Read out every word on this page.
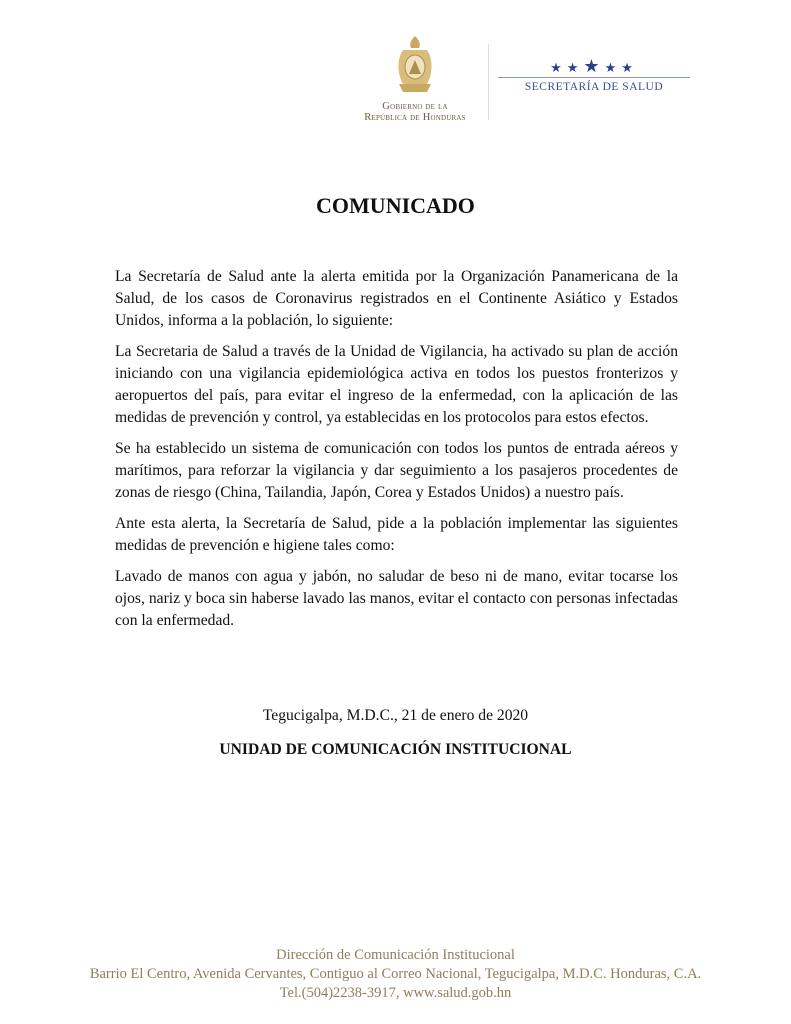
Gobierno de la
República de Honduras
★★★★★
SECRETARÍA DE SALUD
COMUNICADO

La Secretaría de Salud ante la alerta emitida por la Organización Panamericana de la Salud, de los casos de Coronavirus registrados en el Continente Asiático y Estados Unidos, informa a la población, lo siguiente:

La Secretaria de Salud a través de la Unidad de Vigilancia, ha activado su plan de acción iniciando con una vigilancia epidemiológica activa en todos los puestos fronterizos y aeropuertos del país, para evitar el ingreso de la enfermedad, con la aplicación de las medidas de prevención y control, ya establecidas en los protocolos para estos efectos.

Se ha establecido un sistema de comunicación con todos los puntos de entrada aéreos y marítimos, para reforzar la vigilancia y dar seguimiento a los pasajeros procedentes de zonas de riesgo (China, Tailandia, Japón, Corea y Estados Unidos) a nuestro país.

Ante esta alerta, la Secretaría de Salud, pide a la población implementar las siguientes medidas de prevención e higiene tales como:

Lavado de manos con agua y jabón, no saludar de beso ni de mano, evitar tocarse los ojos, nariz y boca sin haberse lavado las manos, evitar el contacto con personas infectadas con la enfermedad.

Tegucigalpa, M.D.C., 21 de enero de 2020
UNIDAD DE COMUNICACIÓN INSTITUCIONAL
Dirección de Comunicación Institucional
Barrio El Centro, Avenida Cervantes, Contiguo al Correo Nacional, Tegucigalpa, M.D.C. Honduras, C.A.
Tel.(504)2238-3917, www.salud.gob.hn
